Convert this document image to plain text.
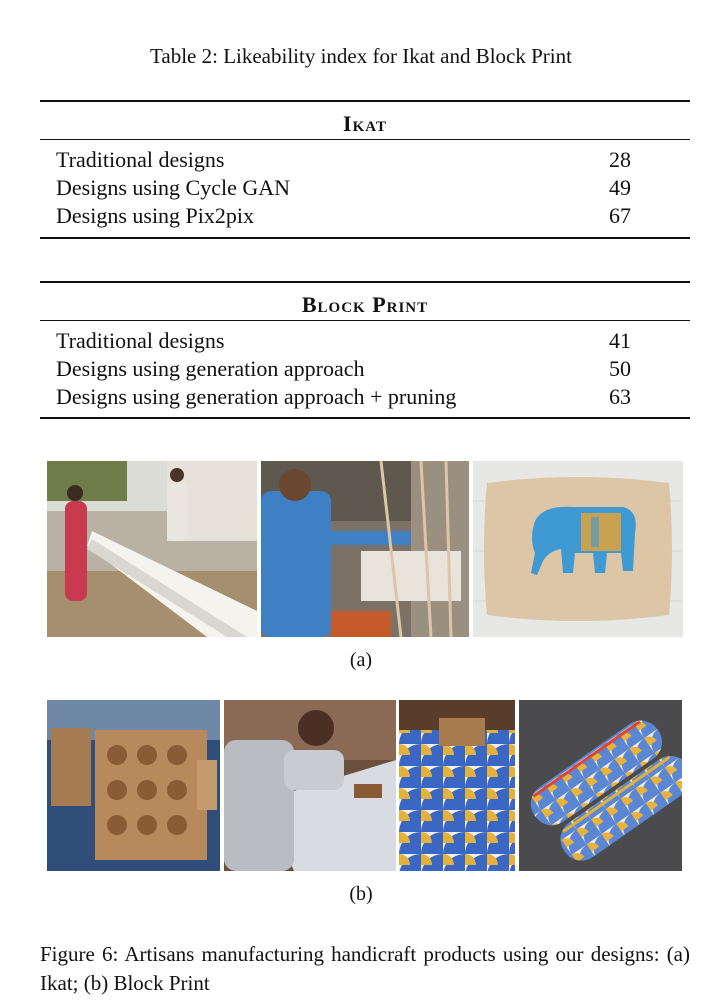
Table 2: Likeability index for Ikat and Block Print
Ikat
Traditional designs	28
Designs using Cycle GAN	49
Designs using Pix2pix	67
Block Print
Traditional designs	41
Designs using generation approach	50
Designs using generation approach + pruning	63
(a)
(b)
Figure 6: Artisans manufacturing handicraft products using our designs: (a) Ikat; (b) Block Print
